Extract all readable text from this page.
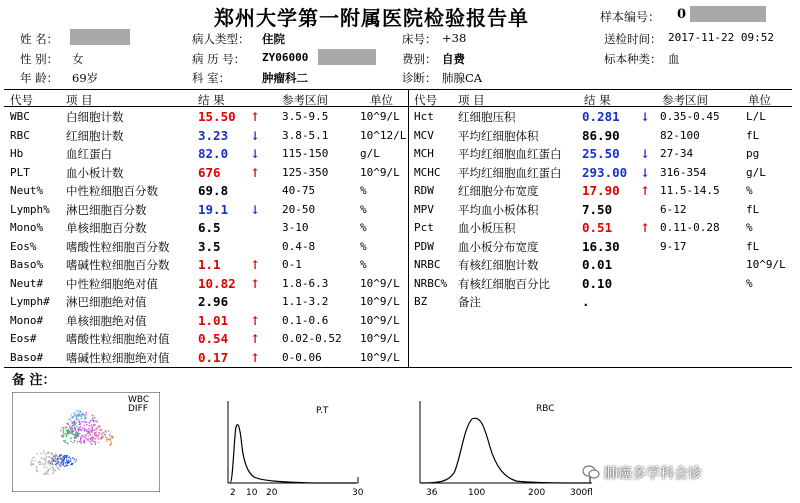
郑州大学第一附属医院检验报告单	样本编号： 0
姓 名：
性 别： 女
年 龄： 69岁
病人类型： 住院
病 历 号： ZY06000
科 室：	肿瘤科二
床号： +38
费别： 自费
诊断： 肺腺CA
送检时间： 2017-11-22 09:52
标本种类： 血
代号	项 目	结 果	参考区间	单位 代号 项 目	结 果	参考区间	单位
WBC	白细胞计数	15.50 ↑ 3.5-9.5	10^9/L
RBC	红细胞计数	3.23 ↓ 3.8-5.1	10^12/L
Hb	血红蛋白	82.0 ↓ 115-150	g/L
PLT	血小板计数	676 ↑ 125-350	10^9/L
Neut% 中性粒细胞百分数	69.8	40-75	%
Lymph% 淋巴细胞百分数	19.1 ↓ 20-50	%
Mono% 单核细胞百分数	6.5	3-10	%
Eos%	嗜酸性粒细胞百分数 3.5	0.4-8	%
Baso% 嗜碱性粒细胞百分数 1.1 ↑ 0-1	%
Neut# 中性粒细胞绝对值	10.82 ↑ 1.8-6.3	10^9/L
Lymph# 淋巴细胞绝对值	2.96	1.1-3.2	10^9/L
Mono# 单核细胞绝对值	1.01 ↑ 0.1-0.6	10^9/L
Eos#	嗜酸性粒细胞绝对值 0.54 ↑ 0.02-0.52 10^9/L
Baso# 嗜碱性粒细胞绝对值 0.17 ↑ 0-0.06	10^9/L
Hct 红细胞压积	0.281 ↓ 0.35-0.45 L/L
MCV 平均红细胞体积	86.90	82-100	fL
MCH 平均红细胞血红蛋白 25.50 ↓ 27-34	pg
MCHC 平均红细胞血红蛋白 293.00 ↓ 316-354	g/L
RDW 红细胞分布宽度	17.90 ↑ 11.5-14.5 %
MPV 平均血小板体积	7.50	6-12	fL
Pct 血小板压积	0.51 ↑ 0.11-0.28 %
PDW 血小板分布宽度	16.30	9-17	fL
NRBC 有核红细胞计数	0.01	10^9/L
NRBC% 有核红细胞百分比	0.10	%
BZ	备注	.
备 注：
WBC
DIFF	P.T
2 10 20	30
RBC
36	100	200	300fl
肺癌多学科会诊
